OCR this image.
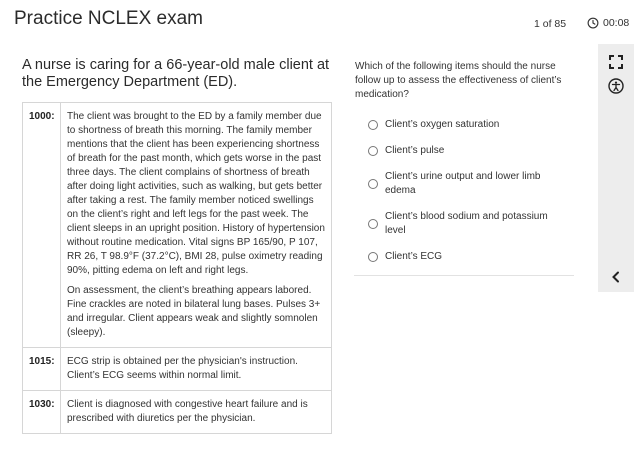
Practice NCLEX exam	1 of 85	00:08
A nurse is caring for a 66-year-old male client at the Emergency Department (ED).
1000:	The client was brought to the ED by a family member due to shortness of breath this morning. The family member mentions that the client has been experiencing shortness of breath for the past month, which gets worse in the past three days. The client complains of shortness of breath after doing light activities, such as walking, but gets better after taking a rest. The family member noticed swellings on the client’s right and left legs for the past week. The client sleeps in an upright position. History of hypertension without routine medication. Vital signs BP 165/90, P 107, RR 26, T 98.9°F (37.2°C), BMI 28, pulse oximetry reading 90%, pitting edema on left and right legs.

On assessment, the client’s breathing appears labored. Fine crackles are noted in bilateral lung bases. Pulses 3+ and irregular. Client appears weak and slightly somnolen (sleepy).

1015:	ECG strip is obtained per the physician's instruction. Client’s ECG seems within normal limit.

1030:	Client is diagnosed with congestive heart failure and is prescribed with diuretics per the physician.

Which of the following items should the nurse follow up to assess the effectiveness of client’s medication?
Client’s oxygen saturation
Client’s pulse
Client’s urine output and lower limb edema
Client’s blood sodium and potassium level
Client’s ECG
